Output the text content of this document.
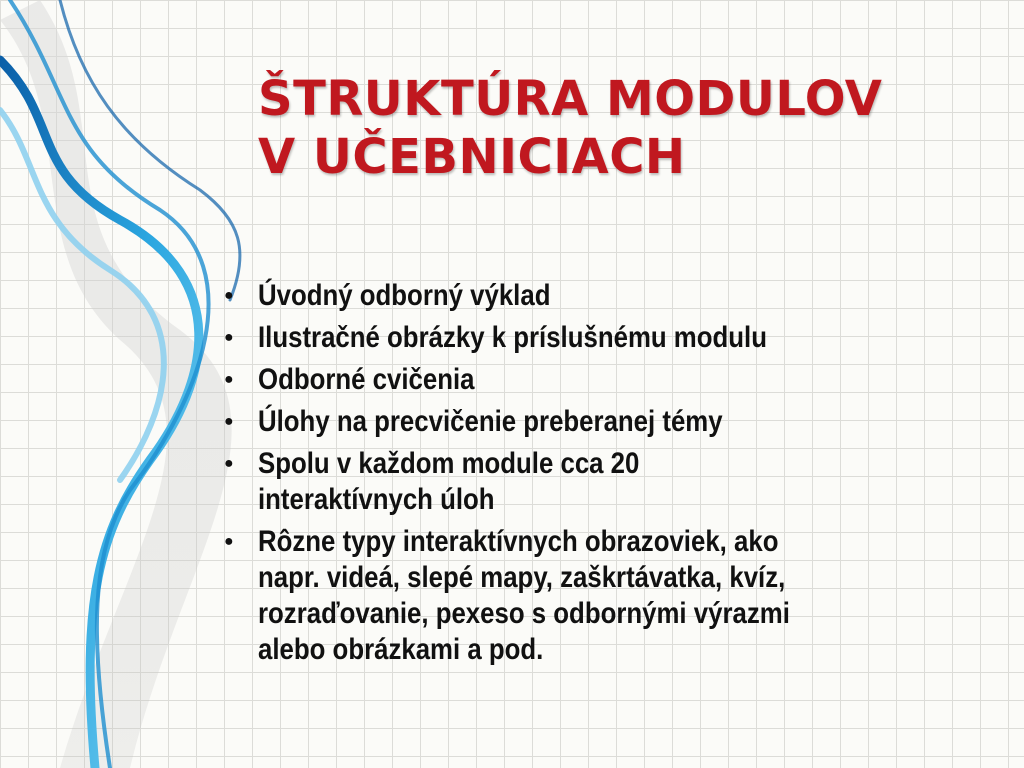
ŠTRUKTÚRA MODULOV
V UČEBNICIACH
● Úvodný odborný výklad
● Ilustračné obrázky k príslušnému modulu
● Odborné cvičenia
● Úlohy na precvičenie preberanej témy
● Spolu v každom module cca 20
interaktívnych úloh
● Rôzne typy interaktívnych obrazoviek, ako
napr. videá, slepé mapy, zaškrtávatka, kvíz,
rozraďovanie, pexeso s odbornými výrazmi
alebo obrázkami a pod.
